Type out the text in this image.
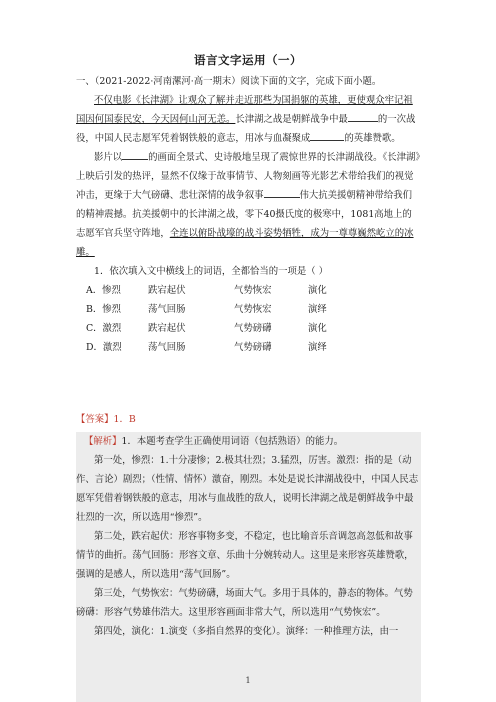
语言文字运用（一）

一、（2021-2022·河南漯河·高一期末）阅读下面的文字，完成下面小题。

不仅电影《长津湖》让观众了解并走近那些为国捐躯的英雄，更使观众牢记祖国因何国泰民安，今天因何山河无恙。长津湖之战是朝鲜战争中最	的一次战役，中国人民志愿军凭着钢铁般的意志，用冰与血凝聚成	的英雄赞歌。

影片以	的画面全景式、史诗般地呈现了震惊世界的长津湖战役。《长津湖》上映后引发的热评，显然不仅缘于故事情节、人物刻画等光影艺术带给我们的视觉冲击，更缘于大气磅礴、悲壮深情的战争叙事	伟大抗美援朝精神带给我们的精神震撼。抗美援朝中的长津湖之战，零下40摄氏度的极寒中，1081高地上的志愿军官兵坚守阵地，全连以俯卧战壕的战斗姿势牺牲，成为一尊尊巍然屹立的冰雕。

1．依次填入文中横线上的词语，全都恰当的一项是（ ）

A．惨烈	跌宕起伏	气势恢宏	演化
B．惨烈	荡气回肠	气势恢宏	演绎
C．激烈	跌宕起伏	气势磅礴	演化
D．激烈	荡气回肠	气势磅礴	演绎
【答案】1．B

【解析】1．本题考查学生正确使用词语（包括熟语）的能力。

第一处，惨烈：1.十分凄惨；2.极其壮烈；3.猛烈，厉害。激烈：指的是（动作、言论）剧烈；（性情、情怀）激奋，刚烈。本处是说长津湖战役中，中国人民志愿军凭借着钢铁般的意志，用冰与血战胜的敌人，说明长津湖之战是朝鲜战争中最壮烈的一次，所以选用“惨烈”。

第二处，跌宕起伏：形容事物多变，不稳定，也比喻音乐音调忽高忽低和故事情节的曲折。荡气回肠：形容文章、乐曲十分婉转动人。这里是来形容英雄赞歌，强调的是感人，所以选用“荡气回肠”。

第三处，气势恢宏：气势磅礴，场面大气。多用于具体的，静态的物体。气势磅礴：形容气势雄伟浩大。这里形容画面非常大气，所以选用“气势恢宏”。

第四处，演化：1.演变（多指自然界的变化）。演绎：一种推理方法，由一

1
